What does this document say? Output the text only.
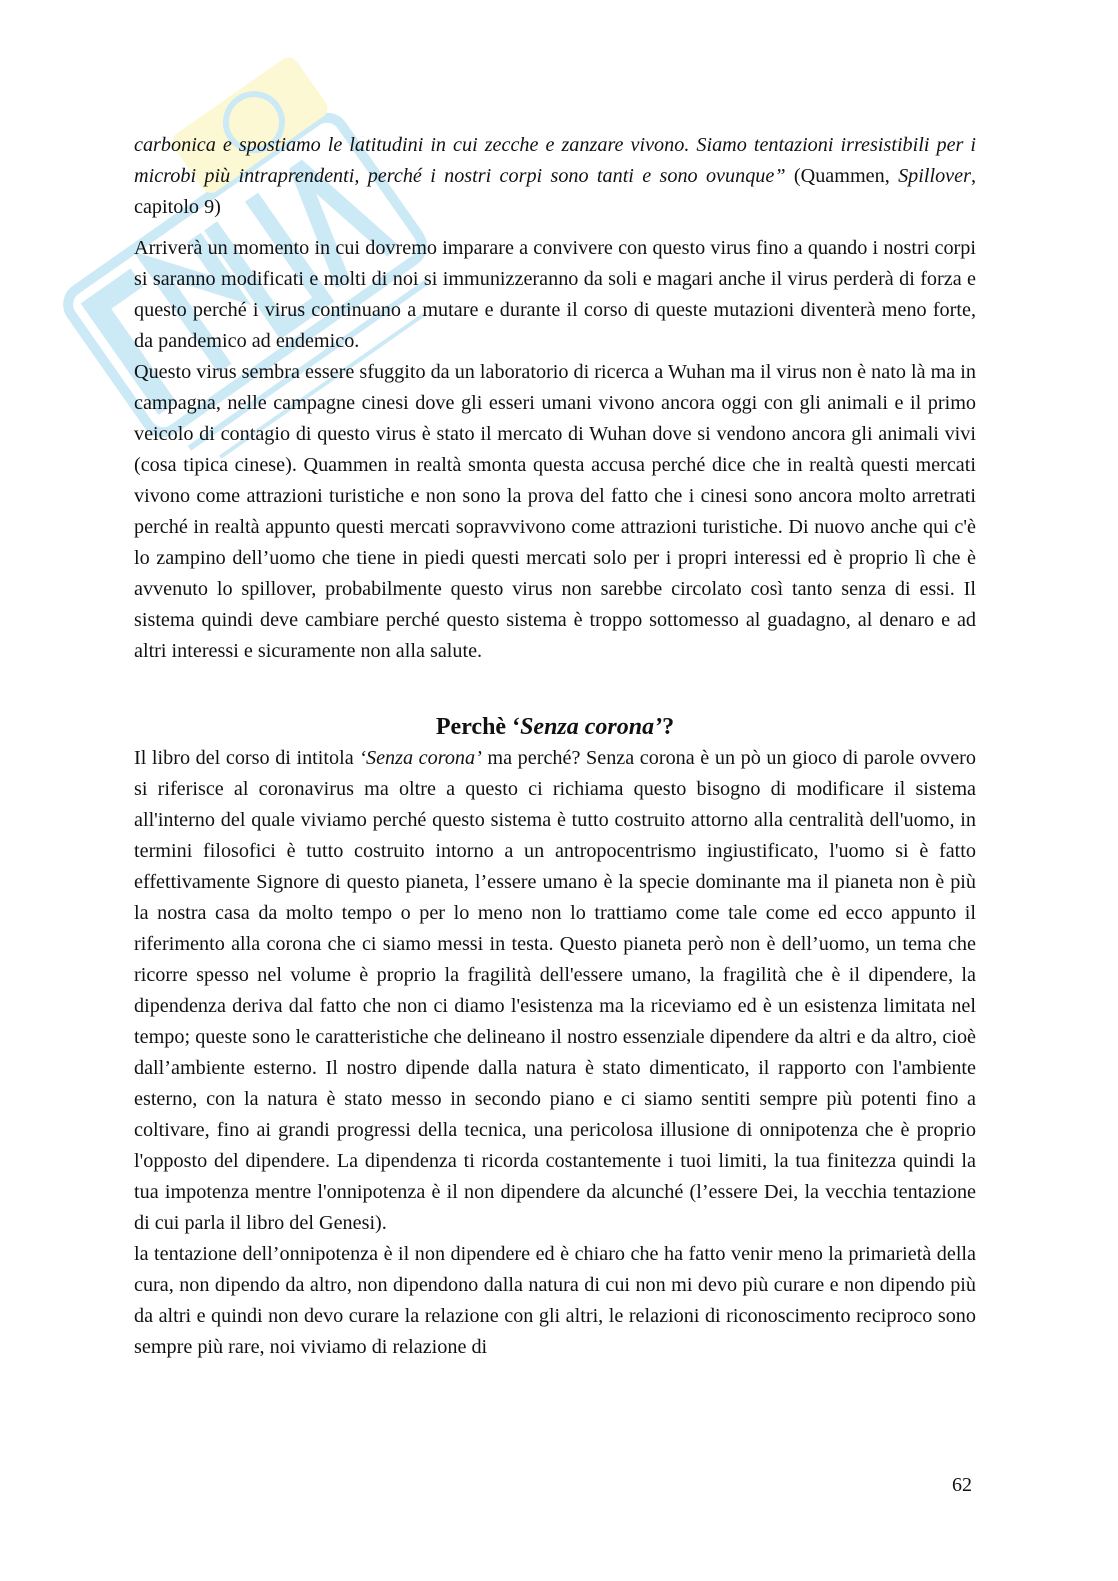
carbonica e spostiamo le latitudini in cui zecche e zanzare vivono. Siamo tentazioni irresistibili per i microbi più intraprendenti, perché i nostri corpi sono tanti e sono ovunque” (Quammen, Spillover, capitolo 9)

Arriverà un momento in cui dovremo imparare a convivere con questo virus fino a quando i nostri corpi si saranno modificati e molti di noi si immunizzeranno da soli e magari anche il virus perderà di forza e questo perché i virus continuano a mutare e durante il corso di queste mutazioni diventerà meno forte, da pandemico ad endemico.

Questo virus sembra essere sfuggito da un laboratorio di ricerca a Wuhan ma il virus non è nato là ma in campagna, nelle campagne cinesi dove gli esseri umani vivono ancora oggi con gli animali e il primo veicolo di contagio di questo virus è stato il mercato di Wuhan dove si vendono ancora gli animali vivi (cosa tipica cinese). Quammen in realtà smonta questa accusa perché dice che in realtà questi mercati vivono come attrazioni turistiche e non sono la prova del fatto che i cinesi sono ancora molto arretrati perché in realtà appunto questi mercati sopravvivono come attrazioni turistiche. Di nuovo anche qui c'è lo zampino dell’uomo che tiene in piedi questi mercati solo per i propri interessi ed è proprio lì che è avvenuto lo spillover, probabilmente questo virus non sarebbe circolato così tanto senza di essi. Il sistema quindi deve cambiare perché questo sistema è troppo sottomesso al guadagno, al denaro e ad altri interessi e sicuramente non alla salute.

Perchè ‘Senza corona’?

Il libro del corso di intitola ‘Senza corona’ ma perché? Senza corona è un pò un gioco di parole ovvero si riferisce al coronavirus ma oltre a questo ci richiama questo bisogno di modificare il sistema all'interno del quale viviamo perché questo sistema è tutto costruito attorno alla centralità dell'uomo, in termini filosofici è tutto costruito intorno a un antropocentrismo ingiustificato, l'uomo si è fatto effettivamente Signore di questo pianeta, l’essere umano è la specie dominante ma il pianeta non è più la nostra casa da molto tempo o per lo meno non lo trattiamo come tale come ed ecco appunto il riferimento alla corona che ci siamo messi in testa. Questo pianeta però non è dell’uomo, un tema che ricorre spesso nel volume è proprio la fragilità dell'essere umano, la fragilità che è il dipendere, la dipendenza deriva dal fatto che non ci diamo l'esistenza ma la riceviamo ed è un esistenza limitata nel tempo; queste sono le caratteristiche che delineano il nostro essenziale dipendere da altri e da altro, cioè dall’ambiente esterno. Il nostro dipende dalla natura è stato dimenticato, il rapporto con l'ambiente esterno, con la natura è stato messo in secondo piano e ci siamo sentiti sempre più potenti fino a coltivare, fino ai grandi progressi della tecnica, una pericolosa illusione di onnipotenza che è proprio l'opposto del dipendere. La dipendenza ti ricorda costantemente i tuoi limiti, la tua finitezza quindi la tua impotenza mentre l'onnipotenza è il non dipendere da alcunché (l’essere Dei, la vecchia tentazione di cui parla il libro del Genesi).

la tentazione dell’onnipotenza è il non dipendere ed è chiaro che ha fatto venir meno la primarietà della cura, non dipendo da altro, non dipendono dalla natura di cui non mi devo più curare e non dipendo più da altri e quindi non devo curare la relazione con gli altri, le relazioni di riconoscimento reciproco sono sempre più rare, noi viviamo di relazione di

62
